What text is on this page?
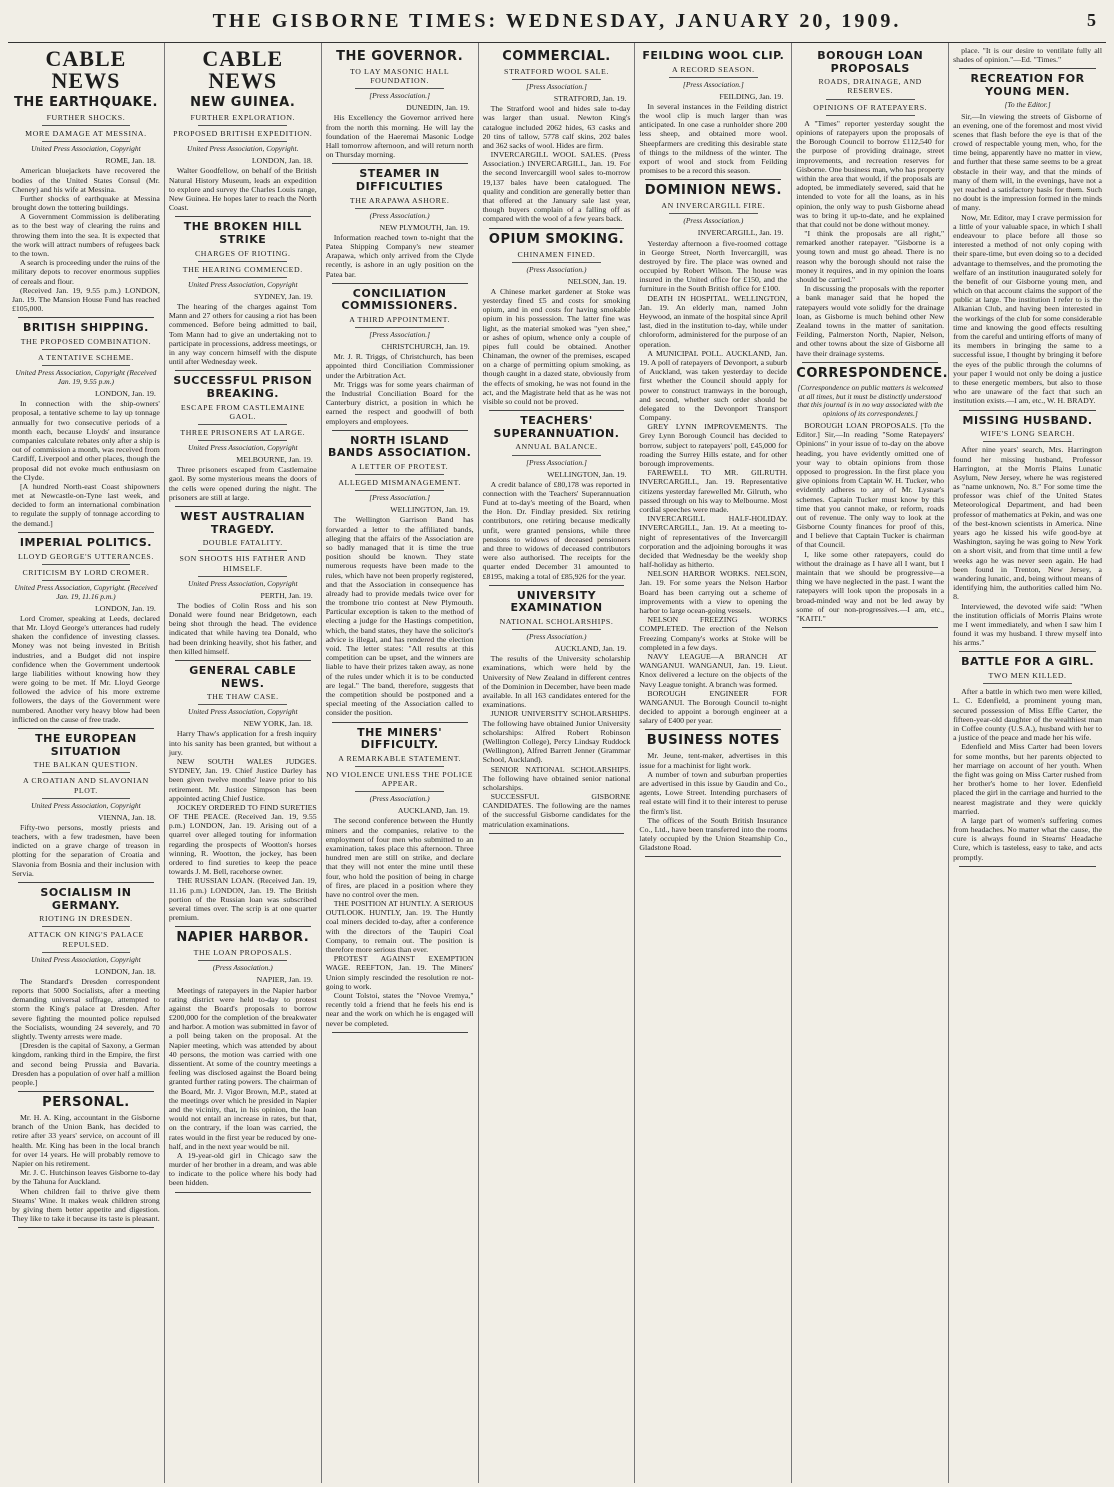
THE GISBORNE TIMES: WEDNESDAY, JANUARY 20, 1909.	5
CABLE NEWS
THE EARTHQUAKE.
FURTHER SHOCKS.
MORE DAMAGE AT MESSINA.
United Press Association, Copyright
ROME, Jan. 18.

American bluejackets have recovered the bodies of the United States Consul (Mr. Cheney) and his wife at Messina.

Further shocks of earthquake at Messina brought down the tottering buildings.

A Government Commission is deliberating as to the best way of clearing the ruins and throwing them into the sea. It is expected that the work will attract numbers of refugees back to the town.

A search is proceeding under the ruins of the military depots to recover enormous supplies of cereals and flour.

(Received Jan. 19, 9.55 p.m.) LONDON, Jan. 19. The Mansion House Fund has reached £105,000.

BRITISH SHIPPING.
THE PROPOSED COMBINATION.
A TENTATIVE SCHEME.
United Press Association, Copyright (Received Jan. 19, 9.55 p.m.)
LONDON, Jan. 19.

In connection with the ship-owners' proposal, a tentative scheme to lay up tonnage annually for two consecutive periods of a month each, because Lloyds' and insurance companies calculate rebates only after a ship is out of commission a month, was received from Cardiff, Liverpool and other places, though the proposal did not evoke much enthusiasm on the Clyde.

[A hundred North-east Coast shipowners met at Newcastle-on-Tyne last week, and decided to form an international combination to regulate the supply of tonnage according to the demand.]

IMPERIAL POLITICS.
LLOYD GEORGE'S UTTERANCES.
CRITICISM BY LORD CROMER.
United Press Association, Copyright. (Received Jan. 19, 11.16 p.m.)
LONDON, Jan. 19.

Lord Cromer, speaking at Leeds, declared that Mr. Lloyd George's utterances had rudely shaken the confidence of investing classes. Money was not being invested in British industries, and a Budget did not inspire confidence when the Government undertook large liabilities without knowing how they were going to be met. If Mr. Lloyd George followed the advice of his more extreme followers, the days of the Government were numbered. Another very heavy blow had been inflicted on the cause of free trade.

THE EUROPEAN SITUATION
THE BALKAN QUESTION.
A CROATIAN AND SLAVONIAN PLOT.
United Press Association, Copyright
VIENNA, Jan. 18.

Fifty-two persons, mostly priests and teachers, with a few tradesmen, have been indicted on a grave charge of treason in plotting for the separation of Croatia and Slavonia from Bosnia and their inclusion with Servia.

SOCIALISM IN GERMANY.
RIOTING IN DRESDEN.
ATTACK ON KING'S PALACE REPULSED.
United Press Association, Copyright
LONDON, Jan. 18.

The Standard's Dresden correspondent reports that 5000 Socialists, after a meeting demanding universal suffrage, attempted to storm the King's palace at Dresden. After severe fighting the mounted police repulsed the Socialists, wounding 24 severely, and 70 slightly. Twenty arrests were made.

[Dresden is the capital of Saxony, a German kingdom, ranking third in the Empire, the first and second being Prussia and Bavaria. Dresden has a population of over half a million people.]

PERSONAL.

Mr. H. A. King, accountant in the Gisborne branch of the Union Bank, has decided to retire after 33 years' service, on account of ill health. Mr. King has been in the local branch for over 14 years. He will probably remove to Napier on his retirement.

Mr. J. C. Hutchinson leaves Gisborne to-day by the Tahuna for Auckland.

When children fail to thrive give them Steams' Wine. It makes weak children strong by giving them better appetite and digestion. They like to take it because its taste is pleasant.

CABLE NEWS
NEW GUINEA.
FURTHER EXPLORATION.
PROPOSED BRITISH EXPEDITION.
United Press Association, Copyright.
LONDON, Jan. 18.

Walter Goodfellow, on behalf of the British Natural History Museum, leads an expedition to explore and survey the Charles Louis range, New Guinea. He hopes later to reach the North Coast.

THE BROKEN HILL STRIKE
CHARGES OF RIOTING.
THE HEARING COMMENCED.
United Press Association, Copyright
SYDNEY, Jan. 19.

The hearing of the charges against Tom Mann and 27 others for causing a riot has been commenced. Before being admitted to bail, Tom Mann had to give an undertaking not to participate in processions, address meetings, or in any way concern himself with the dispute until after Wednesday week.

SUCCESSFUL PRISON BREAKING.
ESCAPE FROM CASTLEMAINE GAOL.
THREE PRISONERS AT LARGE.
United Press Association, Copyright
MELBOURNE, Jan. 19.

Three prisoners escaped from Castlemaine gaol. By some mysterious means the doors of the cells were opened during the night. The prisoners are still at large.

WEST AUSTRALIAN TRAGEDY.
DOUBLE FATALITY.
SON SHOOTS HIS FATHER AND HIMSELF.
United Press Association, Copyright
PERTH, Jan. 19.

The bodies of Colin Ross and his son Donald were found near Bridgetown, each being shot through the head. The evidence indicated that while having tea Donald, who had been drinking heavily, shot his father, and then killed himself.

GENERAL CABLE NEWS.
THE THAW CASE.
United Press Association, Copyright
NEW YORK, Jan. 18.

Harry Thaw's application for a fresh inquiry into his sanity has been granted, but without a jury.

NEW SOUTH WALES JUDGES. SYDNEY, Jan. 19. Chief Justice Darley has been given twelve months' leave prior to his retirement. Mr. Justice Simpson has been appointed acting Chief Justice.

JOCKEY ORDERED TO FIND SURETIES OF THE PEACE. (Received Jan. 19, 9.55 p.m.) LONDON, Jan. 19. Arising out of a quarrel over alleged touting for information regarding the prospects of Wootton's horses winning, R. Wootton, the jockey, has been ordered to find sureties to keep the peace towards J. M. Bell, racehorse owner.

THE RUSSIAN LOAN. (Received Jan. 19, 11.16 p.m.) LONDON, Jan. 19. The British portion of the Russian loan was subscribed several times over. The scrip is at one quarter premium.

NAPIER HARBOR.
THE LOAN PROPOSALS.
(Press Association.)
NAPIER, Jan. 19.

Meetings of ratepayers in the Napier harbor rating district were held to-day to protest against the Board's proposals to borrow £200,000 for the completion of the breakwater and harbor. A motion was submitted in favor of a poll being taken on the proposal. At the Napier meeting, which was attended by about 40 persons, the motion was carried with one dissentient. At some of the country meetings a feeling was disclosed against the Board being granted further rating powers. The chairman of the Board, Mr. J. Vigor Brown, M.P., stated at the meetings over which he presided in Napier and the vicinity, that, in his opinion, the loan would not entail an increase in rates, but that, on the contrary, if the loan was carried, the rates would in the first year be reduced by one-half, and in the next year would be nil.

A 19-year-old girl in Chicago saw the murder of her brother in a dream, and was able to indicate to the police where his body had been hidden.

THE GOVERNOR.
TO LAY MASONIC HALL FOUNDATION.
[Press Association.]
DUNEDIN, Jan. 19.

His Excellency the Governor arrived here from the north this morning. He will lay the foundation of the Haeremai Masonic Lodge Hall tomorrow afternoon, and will return north on Thursday morning.

STEAMER IN DIFFICULTIES
THE ARAPAWA ASHORE.
(Press Association.)
NEW PLYMOUTH, Jan. 19.

Information reached town to-night that the Patea Shipping Company's new steamer Arapawa, which only arrived from the Clyde recently, is ashore in an ugly position on the Patea bar.

CONCILIATION COMMISSIONERS.
A THIRD APPOINTMENT.
[Press Association.]
CHRISTCHURCH, Jan. 19.

Mr. J. R. Triggs, of Christchurch, has been appointed third Conciliation Commissioner under the Arbitration Act.

Mr. Triggs was for some years chairman of the Industrial Conciliation Board for the Canterbury district, a position in which he earned the respect and goodwill of both employers and employees.

NORTH ISLAND BANDS ASSOCIATION.
A LETTER OF PROTEST.
ALLEGED MISMANAGEMENT.
[Press Association.]
WELLINGTON, Jan. 19.

The Wellington Garrison Band has forwarded a letter to the affiliated bands, alleging that the affairs of the Association are so badly managed that it is time the true position should be known. They state numerous requests have been made to the rules, which have not been properly registered, and that the Association in consequence has already had to provide medals twice over for the trombone trio contest at New Plymouth. Particular exception is taken to the method of electing a judge for the Hastings competition, which, the band states, they have the solicitor's advice is illegal, and has rendered the election void. The letter states: "All results at this competition can be upset, and the winners are liable to have their prizes taken away, as none of the rules under which it is to be conducted are legal." The band, therefore, suggests that the competition should be postponed and a special meeting of the Association called to consider the position.

THE MINERS' DIFFICULTY.
A REMARKABLE STATEMENT.
NO VIOLENCE UNLESS THE POLICE APPEAR.
(Press Association.)
AUCKLAND, Jan. 19.

The second conference between the Huntly miners and the companies, relative to the employment of four men who submitted to an examination, takes place this afternoon. Three hundred men are still on strike, and declare that they will not enter the mine until these four, who hold the position of being in charge of fires, are placed in a position where they have no control over the men.

THE POSITION AT HUNTLY. A SERIOUS OUTLOOK. HUNTLY, Jan. 19. The Huntly coal miners decided to-day, after a conference with the directors of the Taupiri Coal Company, to remain out. The position is therefore more serious than ever.

PROTEST AGAINST EXEMPTION WAGE. REEFTON, Jan. 19. The Miners' Union simply rescinded the resolution re not-going to work.

Count Tolstoi, states the "Novoe Vremya," recently told a friend that he feels his end is near and the work on which he is engaged will never be completed.

COMMERCIAL.
STRATFORD WOOL SALE.
[Press Association.]
STRATFORD, Jan. 19.

The Stratford wool and hides sale to-day was larger than usual. Newton King's catalogue included 2062 hides, 63 casks and 20 tins of tallow, 5778 calf skins, 202 bales and 362 sacks of wool. Hides are firm.

INVERCARGILL WOOL SALES. (Press Association.) INVERCARGILL, Jan. 19. For the second Invercargill wool sales to-morrow 19,137 bales have been catalogued. The quality and condition are generally better than that offered at the January sale last year, though buyers complain of a falling off as compared with the wool of a few years back.

OPIUM SMOKING.
CHINAMEN FINED.
(Press Association.)
NELSON, Jan. 19.

A Chinese market gardener at Stoke was yesterday fined £5 and costs for smoking opium, and in end costs for having smokable opium in his possession. The latter fine was light, as the material smoked was "yen shee," or ashes of opium, whence only a couple of pipes full could be obtained. Another Chinaman, the owner of the premises, escaped on a charge of permitting opium smoking, as though caught in a dazed state, obviously from the effects of smoking, he was not found in the act, and the Magistrate held that as he was not visible so could not be proved.

TEACHERS' SUPERANNUATION.
ANNUAL BALANCE.
[Press Association.]
WELLINGTON, Jan. 19.

A credit balance of £80,178 was reported in connection with the Teachers' Superannuation Fund at to-day's meeting of the Board, when the Hon. Dr. Findlay presided. Six retiring contributors, one retiring because medically unfit, were granted pensions, while three pensions to widows of deceased pensioners and three to widows of deceased contributors were also authorised. The receipts for the quarter ended December 31 amounted to £8195, making a total of £85,926 for the year.

UNIVERSITY EXAMINATION
NATIONAL SCHOLARSHIPS.
(Press Association.)
AUCKLAND, Jan. 19.

The results of the University scholarship examinations, which were held by the University of New Zealand in different centres of the Dominion in December, have been made available. In all 163 candidates entered for the examinations.

JUNIOR UNIVERSITY SCHOLARSHIPS. The following have obtained Junior University scholarships: Alfred Robert Robinson (Wellington College), Percy Lindsay Ruddock (Wellington), Alfred Barrett Jenner (Grammar School, Auckland).

SENIOR NATIONAL SCHOLARSHIPS. The following have obtained senior national scholarships.

SUCCESSFUL GISBORNE CANDIDATES. The following are the names of the successful Gisborne candidates for the matriculation examinations.

FEILDING WOOL CLIP.
A RECORD SEASON.
[Press Association.]
FEILDING, Jan. 19.

In several instances in the Feilding district the wool clip is much larger than was anticipated. In one case a runholder shore 200 less sheep, and obtained more wool. Sheepfarmers are crediting this desirable state of things to the mildness of the winter. The export of wool and stock from Feilding promises to be a record this season.

DOMINION NEWS.
AN INVERCARGILL FIRE.
(Press Association.)
INVERCARGILL, Jan. 19.

Yesterday afternoon a five-roomed cottage in George Street, North Invercargill, was destroyed by fire. The place was owned and occupied by Robert Wilson. The house was insured in the United office for £150, and the furniture in the South British office for £100.

DEATH IN HOSPITAL. WELLINGTON, Jan. 19. An elderly man, named John Heywood, an inmate of the hospital since April last, died in the institution to-day, while under chloroform, administered for the purpose of an operation.

A MUNICIPAL POLL. AUCKLAND, Jan. 19. A poll of ratepayers of Devonport, a suburb of Auckland, was taken yesterday to decide first whether the Council should apply for power to construct tramways in the borough, and second, whether such order should be delegated to the Devonport Transport Company.

GREY LYNN IMPROVEMENTS. The Grey Lynn Borough Council has decided to borrow, subject to ratepayers' poll, £45,000 for roading the Surrey Hills estate, and for other borough improvements.

FAREWELL TO MR. GILRUTH. INVERCARGILL, Jan. 19. Representative citizens yesterday farewelled Mr. Gilruth, who passed through on his way to Melbourne. Most cordial speeches were made.

INVERCARGILL HALF-HOLIDAY. INVERCARGILL, Jan. 19. At a meeting to-night of representatives of the Invercargill corporation and the adjoining boroughs it was decided that Wednesday be the weekly shop half-holiday as hitherto.

NELSON HARBOR WORKS. NELSON, Jan. 19. For some years the Nelson Harbor Board has been carrying out a scheme of improvements with a view to opening the harbor to large ocean-going vessels.

NELSON FREEZING WORKS COMPLETED. The erection of the Nelson Freezing Company's works at Stoke will be completed in a few days.

NAVY LEAGUE—A BRANCH AT WANGANUI. WANGANUI, Jan. 19. Lieut. Knox delivered a lecture on the objects of the Navy League tonight. A branch was formed.

BOROUGH ENGINEER FOR WANGANUI. The Borough Council to-night decided to appoint a borough engineer at a salary of £400 per year.

BUSINESS NOTES

Mr. Jeune, tent-maker, advertises in this issue for a machinist for light work.

A number of town and suburban properties are advertised in this issue by Gaudin and Co., agents, Lowe Street. Intending purchasers of real estate will find it to their interest to peruse the firm's list.

The offices of the South British Insurance Co., Ltd., have been transferred into the rooms lately occupied by the Union Steamship Co., Gladstone Road.

BOROUGH LOAN PROPOSALS
ROADS, DRAINAGE, AND RESERVES.
OPINIONS OF RATEPAYERS.

A "Times" reporter yesterday sought the opinions of ratepayers upon the proposals of the Borough Council to borrow £112,540 for the purpose of providing drainage, street improvements, and recreation reserves for Gisborne. One business man, who has property within the area that would, if the proposals are adopted, be immediately severed, said that he intended to vote for all the loans, as in his opinion, the only way to push Gisborne ahead was to bring it up-to-date, and he explained that that could not be done without money.

"I think the proposals are all right," remarked another ratepayer. "Gisborne is a young town and must go ahead. There is no reason why the borough should not raise the money it requires, and in my opinion the loans should be carried."

In discussing the proposals with the reporter a bank manager said that he hoped the ratepayers would vote solidly for the drainage loan, as Gisborne is much behind other New Zealand towns in the matter of sanitation. Feilding, Palmerston North, Napier, Nelson, and other towns about the size of Gisborne all have their drainage systems.

CORRESPONDENCE.
[Correspondence on public matters is welcomed at all times, but it must be distinctly understood that this journal is in no way associated with the opinions of its correspondents.]

BOROUGH LOAN PROPOSALS. [To the Editor.] Sir,—In reading "Some Ratepayers' Opinions" in your issue of to-day on the above heading, you have evidently omitted one of your way to obtain opinions from those opposed to progression. In the first place you give opinions from Captain W. H. Tucker, who evidently adheres to any of Mr. Lysnar's schemes. Captain Tucker must know by this time that you cannot make, or reform, roads out of revenue. The only way to look at the Gisborne County finances for proof of this, and I believe that Captain Tucker is chairman of that Council.

I, like some other ratepayers, could do without the drainage as I have all I want, but I maintain that we should be progressive—a thing we have neglected in the past. I want the ratepayers will look upon the proposals in a broad-minded way and not be led away by some of our non-progressives.—I am, etc., "KAITI."

place. "It is our desire to ventilate fully all shades of opinion."—Ed. "Times."

RECREATION FOR YOUNG MEN.
[To the Editor.]

Sir,—In viewing the streets of Gisborne of an evening, one of the foremost and most vivid scenes that flash before the eye is that of the crowd of respectable young men, who, for the time being, apparently have no matter in view, and further that these same seems to be a great obstacle in their way, and that the minds of many of them will, in the evenings, have not a yet reached a satisfactory basis for them. Such no doubt is the impression formed in the minds of many.

Now, Mr. Editor, may I crave permission for a little of your valuable space, in which I shall endeavour to place before all those so interested a method of not only coping with their spare-time, but even doing so to a decided advantage to themselves, and the promoting the welfare of an institution inaugurated solely for the benefit of our Gisborne young men, and which on that account claims the support of the public at large. The institution I refer to is the Alkanian Club, and having been interested in the workings of the club for some considerable time and knowing the good effects resulting from the careful and untiring efforts of many of its members in bringing the same to a successful issue, I thought by bringing it before the eyes of the public through the columns of your paper I would not only be doing a justice to these energetic members, but also to those who are unaware of the fact that such an institution exists.—I am, etc., W. H. BRADY.

MISSING HUSBAND.
WIFE'S LONG SEARCH.

After nine years' search, Mrs. Harrington found her missing husband, Professor Harrington, at the Morris Plains Lunatic Asylum, New Jersey, where he was registered as "name unknown, No. 8." For some time the professor was chief of the United States Meteorological Department, and had been professor of mathematics at Pekin, and was one of the best-known scientists in America. Nine years ago he kissed his wife good-bye at Washington, saying he was going to New York on a short visit, and from that time until a few weeks ago he was never seen again. He had been found in Trenton, New Jersey, a wandering lunatic, and, being without means of identifying him, the authorities called him No. 8.

Interviewed, the devoted wife said: "When the institution officials of Morris Plains wrote me I went immediately, and when I saw him I found it was my husband. I threw myself into his arms."

BATTLE FOR A GIRL.
TWO MEN KILLED.

After a battle in which two men were killed, L. C. Edenfield, a prominent young man, secured possession of Miss Effie Carter, the fifteen-year-old daughter of the wealthiest man in Coffee county (U.S.A.), husband with her to a justice of the peace and made her his wife.

Edenfield and Miss Carter had been lovers for some months, but her parents objected to her marriage on account of her youth. When the fight was going on Miss Carter rushed from her brother's home to her lover. Edenfield placed the girl in the carriage and hurried to the nearest magistrate and they were quickly married.

A large part of women's suffering comes from headaches. No matter what the cause, the cure is always found in Stearns' Headache Cure, which is tasteless, easy to take, and acts promptly.
